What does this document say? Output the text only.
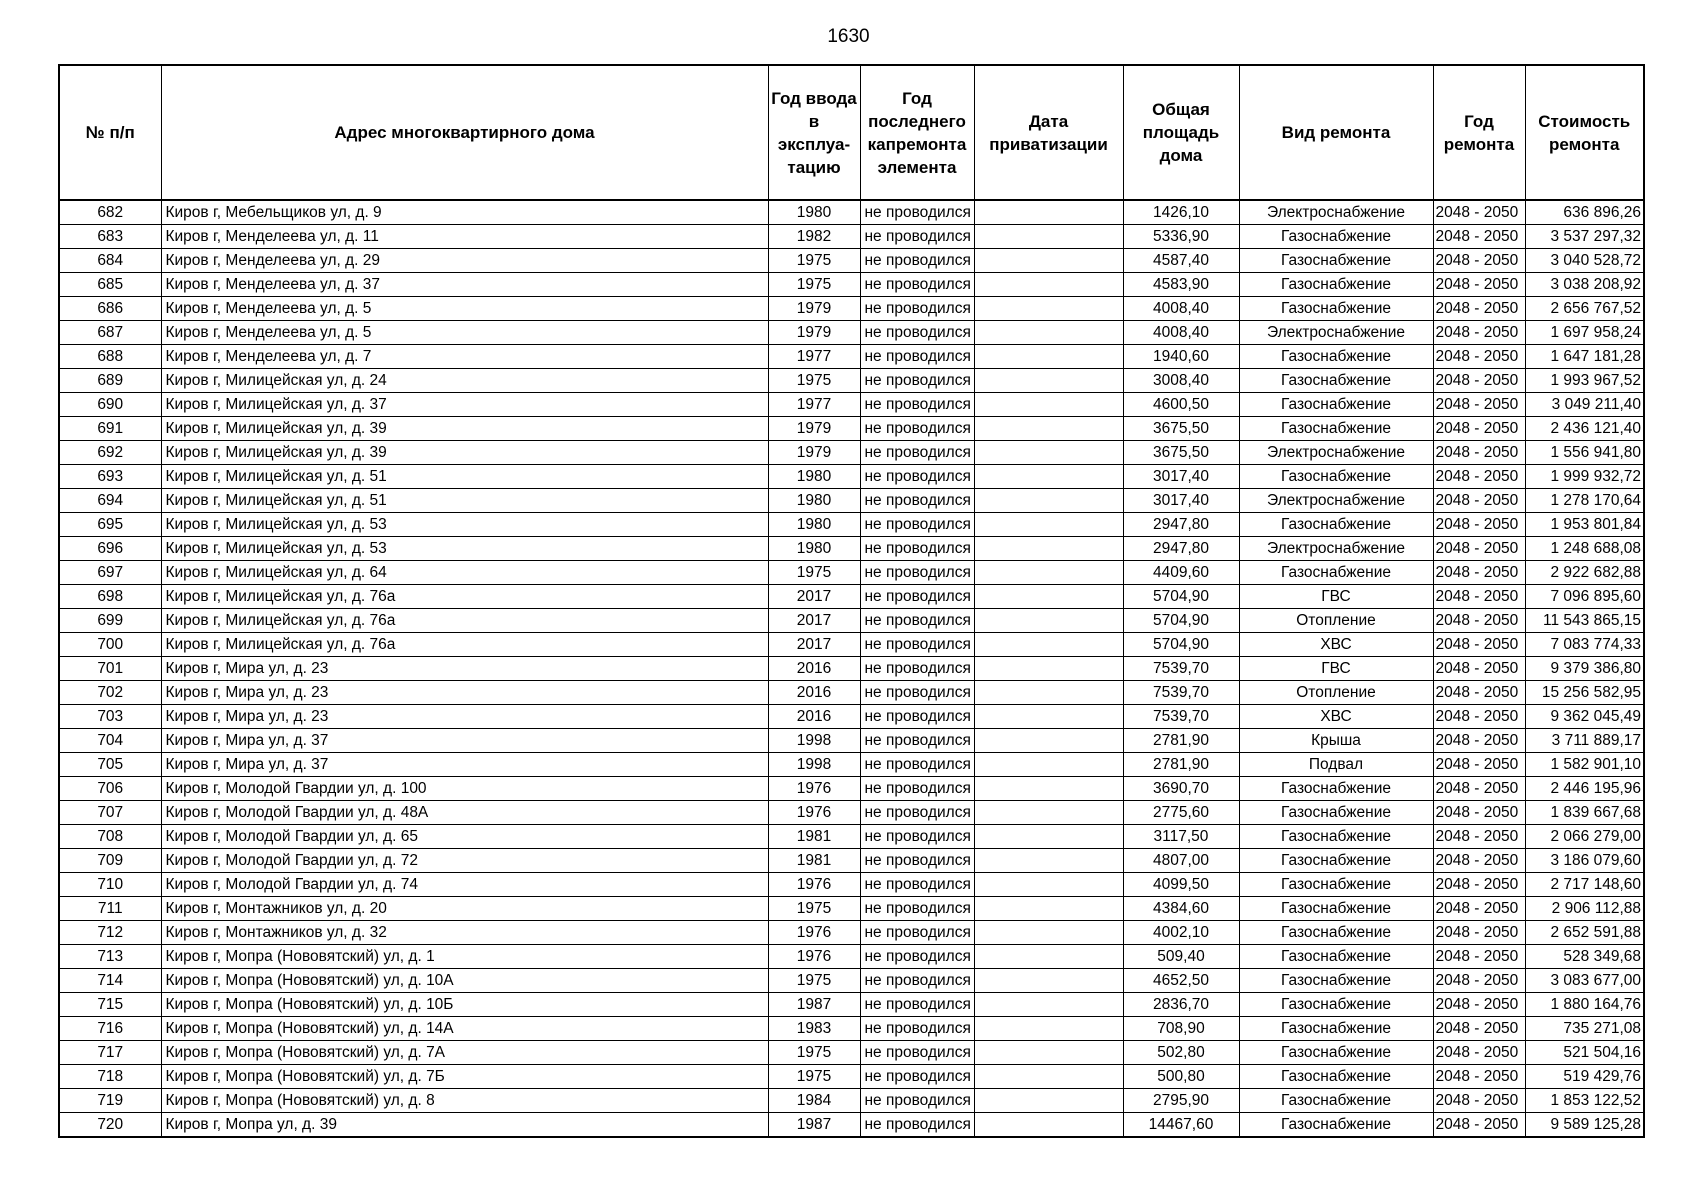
1630
№ п/п	Адрес многоквартирного дома	Год ввода в эксплуа-тацию	Год последнего капремонта элемента	Дата приватизации	Общая площадь дома	Вид ремонта	Год ремонта	Стоимость ремонта
682	Киров г, Мебельщиков ул, д. 9	1980	не проводился		1426,10	Электроснабжение	2048 - 2050	636 896,26
683	Киров г, Менделеева ул, д. 11	1982	не проводился		5336,90	Газоснабжение	2048 - 2050	3 537 297,32
684	Киров г, Менделеева ул, д. 29	1975	не проводился		4587,40	Газоснабжение	2048 - 2050	3 040 528,72
685	Киров г, Менделеева ул, д. 37	1975	не проводился		4583,90	Газоснабжение	2048 - 2050	3 038 208,92
686	Киров г, Менделеева ул, д. 5	1979	не проводился		4008,40	Газоснабжение	2048 - 2050	2 656 767,52
687	Киров г, Менделеева ул, д. 5	1979	не проводился		4008,40	Электроснабжение	2048 - 2050	1 697 958,24
688	Киров г, Менделеева ул, д. 7	1977	не проводился		1940,60	Газоснабжение	2048 - 2050	1 647 181,28
689	Киров г, Милицейская ул, д. 24	1975	не проводился		3008,40	Газоснабжение	2048 - 2050	1 993 967,52
690	Киров г, Милицейская ул, д. 37	1977	не проводился		4600,50	Газоснабжение	2048 - 2050	3 049 211,40
691	Киров г, Милицейская ул, д. 39	1979	не проводился		3675,50	Газоснабжение	2048 - 2050	2 436 121,40
692	Киров г, Милицейская ул, д. 39	1979	не проводился		3675,50	Электроснабжение	2048 - 2050	1 556 941,80
693	Киров г, Милицейская ул, д. 51	1980	не проводился		3017,40	Газоснабжение	2048 - 2050	1 999 932,72
694	Киров г, Милицейская ул, д. 51	1980	не проводился		3017,40	Электроснабжение	2048 - 2050	1 278 170,64
695	Киров г, Милицейская ул, д. 53	1980	не проводился		2947,80	Газоснабжение	2048 - 2050	1 953 801,84
696	Киров г, Милицейская ул, д. 53	1980	не проводился		2947,80	Электроснабжение	2048 - 2050	1 248 688,08
697	Киров г, Милицейская ул, д. 64	1975	не проводился		4409,60	Газоснабжение	2048 - 2050	2 922 682,88
698	Киров г, Милицейская ул, д. 76а	2017	не проводился		5704,90	ГВС	2048 - 2050	7 096 895,60
699	Киров г, Милицейская ул, д. 76а	2017	не проводился		5704,90	Отопление	2048 - 2050	11 543 865,15
700	Киров г, Милицейская ул, д. 76а	2017	не проводился		5704,90	ХВС	2048 - 2050	7 083 774,33
701	Киров г, Мира ул, д. 23	2016	не проводился		7539,70	ГВС	2048 - 2050	9 379 386,80
702	Киров г, Мира ул, д. 23	2016	не проводился		7539,70	Отопление	2048 - 2050	15 256 582,95
703	Киров г, Мира ул, д. 23	2016	не проводился		7539,70	ХВС	2048 - 2050	9 362 045,49
704	Киров г, Мира ул, д. 37	1998	не проводился		2781,90	Крыша	2048 - 2050	3 711 889,17
705	Киров г, Мира ул, д. 37	1998	не проводился		2781,90	Подвал	2048 - 2050	1 582 901,10
706	Киров г, Молодой Гвардии ул, д. 100	1976	не проводился		3690,70	Газоснабжение	2048 - 2050	2 446 195,96
707	Киров г, Молодой Гвардии ул, д. 48А	1976	не проводился		2775,60	Газоснабжение	2048 - 2050	1 839 667,68
708	Киров г, Молодой Гвардии ул, д. 65	1981	не проводился		3117,50	Газоснабжение	2048 - 2050	2 066 279,00
709	Киров г, Молодой Гвардии ул, д. 72	1981	не проводился		4807,00	Газоснабжение	2048 - 2050	3 186 079,60
710	Киров г, Молодой Гвардии ул, д. 74	1976	не проводился		4099,50	Газоснабжение	2048 - 2050	2 717 148,60
711	Киров г, Монтажников ул, д. 20	1975	не проводился		4384,60	Газоснабжение	2048 - 2050	2 906 112,88
712	Киров г, Монтажников ул, д. 32	1976	не проводился		4002,10	Газоснабжение	2048 - 2050	2 652 591,88
713	Киров г, Мопра (Нововятский) ул, д. 1	1976	не проводился		509,40	Газоснабжение	2048 - 2050	528 349,68
714	Киров г, Мопра (Нововятский) ул, д. 10А	1975	не проводился		4652,50	Газоснабжение	2048 - 2050	3 083 677,00
715	Киров г, Мопра (Нововятский) ул, д. 10Б	1987	не проводился		2836,70	Газоснабжение	2048 - 2050	1 880 164,76
716	Киров г, Мопра (Нововятский) ул, д. 14А	1983	не проводился		708,90	Газоснабжение	2048 - 2050	735 271,08
717	Киров г, Мопра (Нововятский) ул, д. 7А	1975	не проводился		502,80	Газоснабжение	2048 - 2050	521 504,16
718	Киров г, Мопра (Нововятский) ул, д. 7Б	1975	не проводился		500,80	Газоснабжение	2048 - 2050	519 429,76
719	Киров г, Мопра (Нововятский) ул, д. 8	1984	не проводился		2795,90	Газоснабжение	2048 - 2050	1 853 122,52
720	Киров г, Мопра ул, д. 39	1987	не проводился		14467,60	Газоснабжение	2048 - 2050	9 589 125,28
